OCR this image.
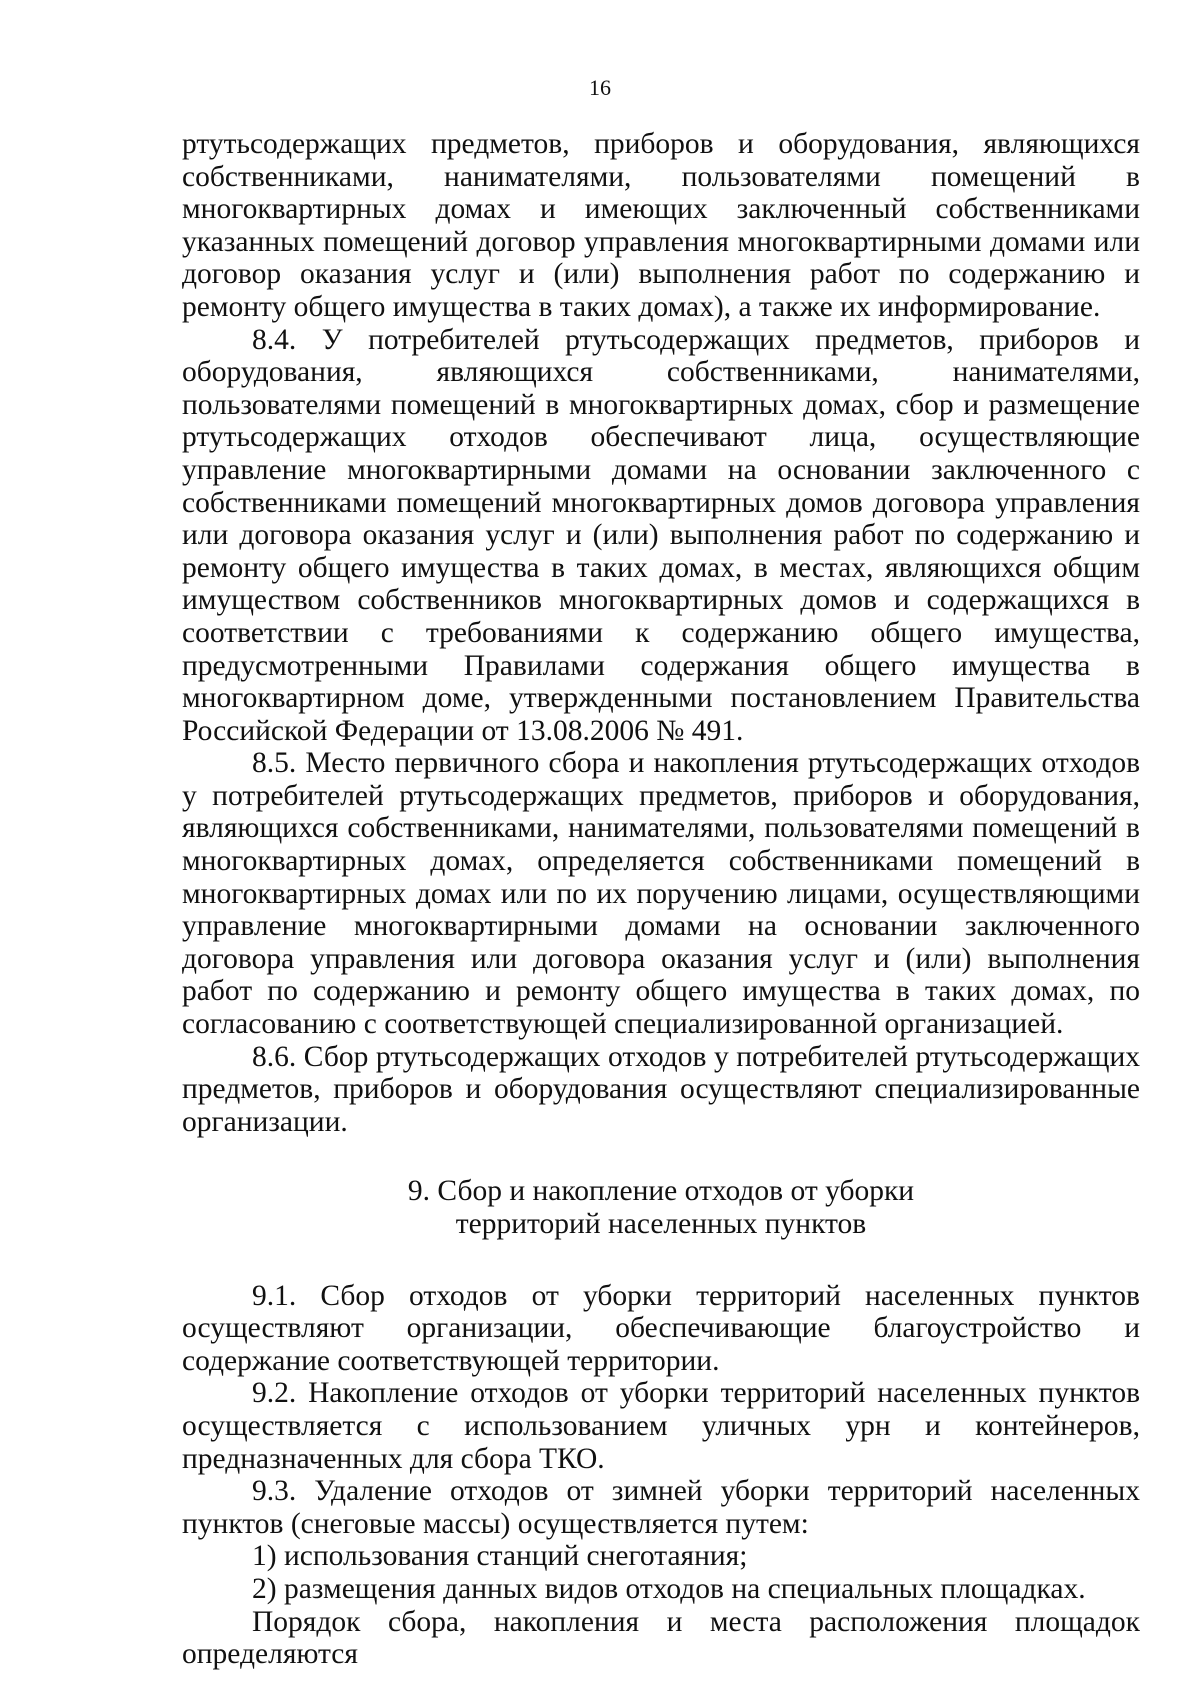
16

ртутьсодержащих предметов, приборов и оборудования, являющихся собственниками, нанимателями, пользователями помещений в многоквартирных домах и имеющих заключенный собственниками указанных помещений договор управления многоквартирными домами или договор оказания услуг и (или) выполнения работ по содержанию и ремонту общего имущества в таких домах), а также их информирование.

8.4. У потребителей ртутьсодержащих предметов, приборов и оборудования, являющихся собственниками, нанимателями, пользователями помещений в многоквартирных домах, сбор и размещение ртутьсодержащих отходов обеспечивают лица, осуществляющие управление многоквартирными домами на основании заключенного с собственниками помещений многоквартирных домов договора управления или договора оказания услуг и (или) выполнения работ по содержанию и ремонту общего имущества в таких домах, в местах, являющихся общим имуществом собственников многоквартирных домов и содержащихся в соответствии с требованиями к содержанию общего имущества, предусмотренными Правилами содержания общего имущества в многоквартирном доме, утвержденными постановлением Правительства Российской Федерации от 13.08.2006 № 491.

8.5. Место первичного сбора и накопления ртутьсодержащих отходов у потребителей ртутьсодержащих предметов, приборов и оборудования, являющихся собственниками, нанимателями, пользователями помещений в многоквартирных домах, определяется собственниками помещений в многоквартирных домах или по их поручению лицами, осуществляющими управление многоквартирными домами на основании заключенного договора управления или договора оказания услуг и (или) выполнения работ по содержанию и ремонту общего имущества в таких домах, по согласованию с соответствующей специализированной организацией.

8.6. Сбор ртутьсодержащих отходов у потребителей ртутьсодержащих предметов, приборов и оборудования осуществляют специализированные организации.

9. Сбор и накопление отходов от уборки
территорий населенных пунктов

9.1. Сбор отходов от уборки территорий населенных пунктов осуществляют организации, обеспечивающие благоустройство и содержание соответствующей территории.

9.2. Накопление отходов от уборки территорий населенных пунктов осуществляется с использованием уличных урн и контейнеров, предназначенных для сбора ТКО.

9.3. Удаление отходов от зимней уборки территорий населенных пунктов (снеговые массы) осуществляется путем:

1) использования станций снеготаяния;

2) размещения данных видов отходов на специальных площадках.

Порядок сбора, накопления и места расположения площадок определяются
